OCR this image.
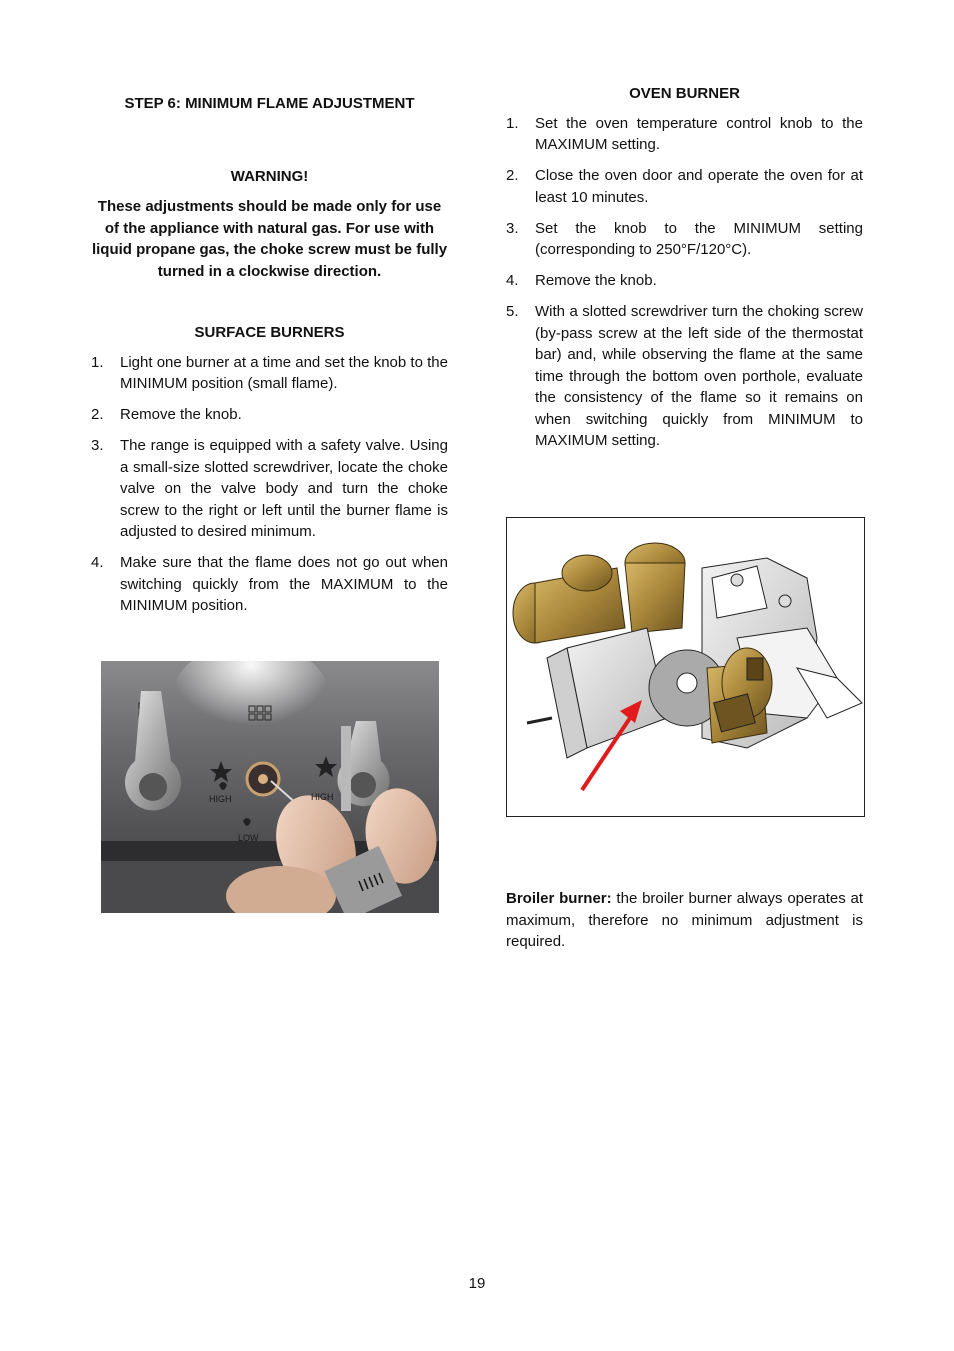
STEP 6: MINIMUM FLAME ADJUSTMENT

WARNING!

These adjustments should be made only for use of the appliance with natural gas. For use with liquid propane gas, the choke screw must be fully turned in a clockwise direction.

SURFACE BURNERS

1. Light one burner at a time and set the knob to the MINIMUM position (small flame).
2. Remove the knob.
3. The range is equipped with a safety valve. Using a small-size slotted screwdriver, locate the choke valve on the valve body and turn the choke screw to the right or left until the burner flame is adjusted to desired minimum.
4. Make sure that the flame does not go out when switching quickly from the MAXIMUM to the MINIMUM position.
HIGH	HIGH
LOW

OVEN BURNER

1. Set the oven temperature control knob to the MAXIMUM setting.
2. Close the oven door and operate the oven for at least 10 minutes.
3. Set the knob to the MINIMUM setting (corresponding to 250°F/120°C).
4. Remove the knob.
5. With a slotted screwdriver turn the choking screw (by-pass screw at the left side of the thermostat bar) and, while observing the flame at the same time through the bottom oven porthole, evaluate the consistency of the flame so it remains on when switching quickly from MINIMUM to MAXIMUM setting.

Broiler burner: the broiler burner always operates at maximum, therefore no minimum adjustment is required.

19
